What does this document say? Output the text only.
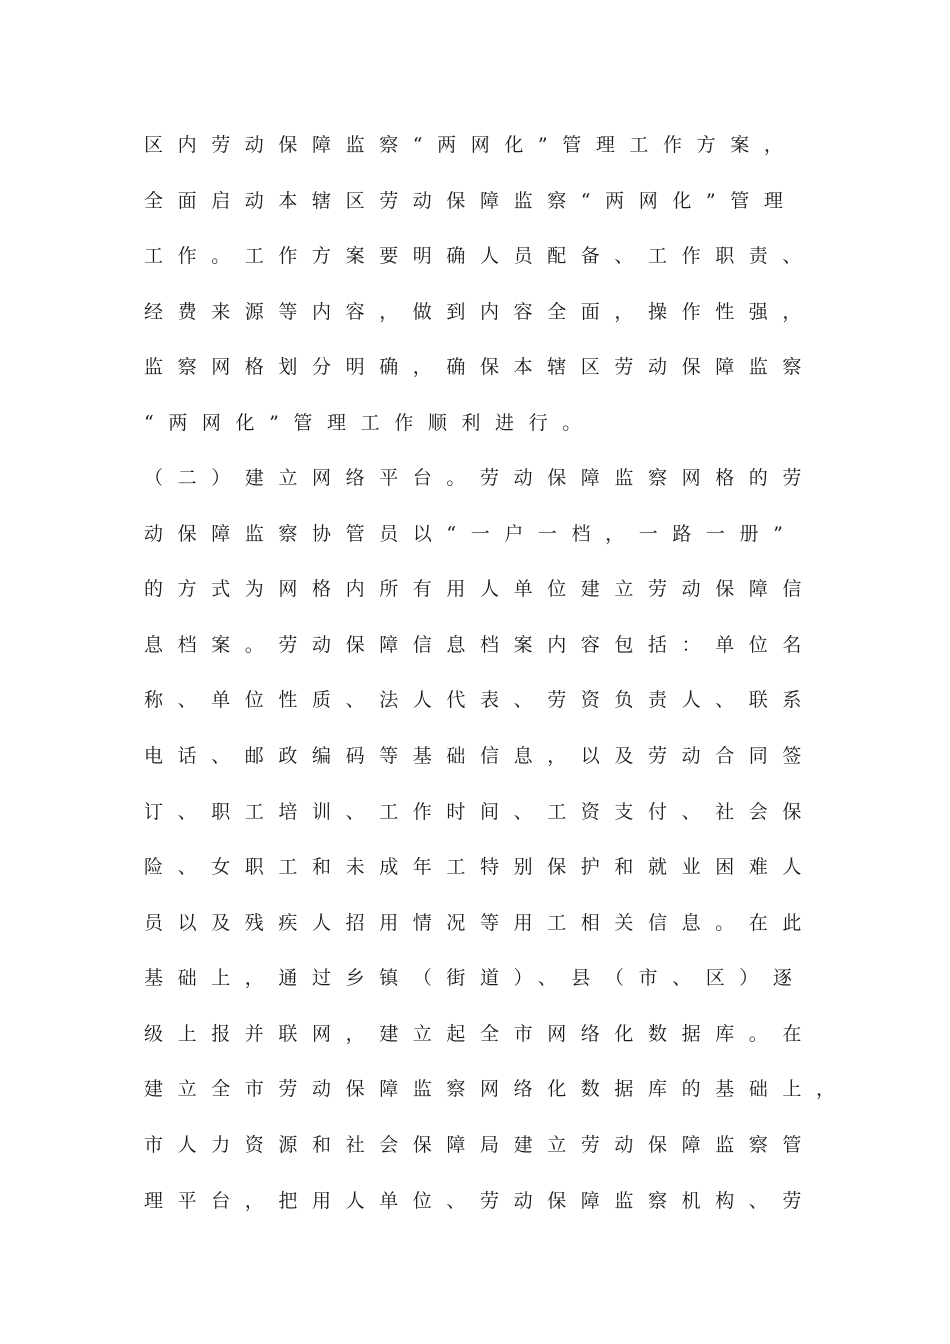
区内劳动保障监察“两网化”管理工作方案，
全面启动本辖区劳动保障监察“两网化”管理
工作。工作方案要明确人员配备、工作职责、
经费来源等内容，做到内容全面，操作性强，
监察网格划分明确，确保本辖区劳动保障监察
“两网化”管理工作顺利进行。
（二）建立网络平台。劳动保障监察网格的劳
动保障监察协管员以“一户一档，一路一册”
的方式为网格内所有用人单位建立劳动保障信
息档案。劳动保障信息档案内容包括：单位名
称、单位性质、法人代表、劳资负责人、联系
电话、邮政编码等基础信息，以及劳动合同签
订、职工培训、工作时间、工资支付、社会保
险、女职工和未成年工特别保护和就业困难人
员以及残疾人招用情况等用工相关信息。在此
基础上，通过乡镇（街道）、县（市、区）逐
级上报并联网，建立起全市网络化数据库。在
建立全市劳动保障监察网络化数据库的基础上，
市人力资源和社会保障局建立劳动保障监察管
理平台，把用人单位、劳动保障监察机构、劳
